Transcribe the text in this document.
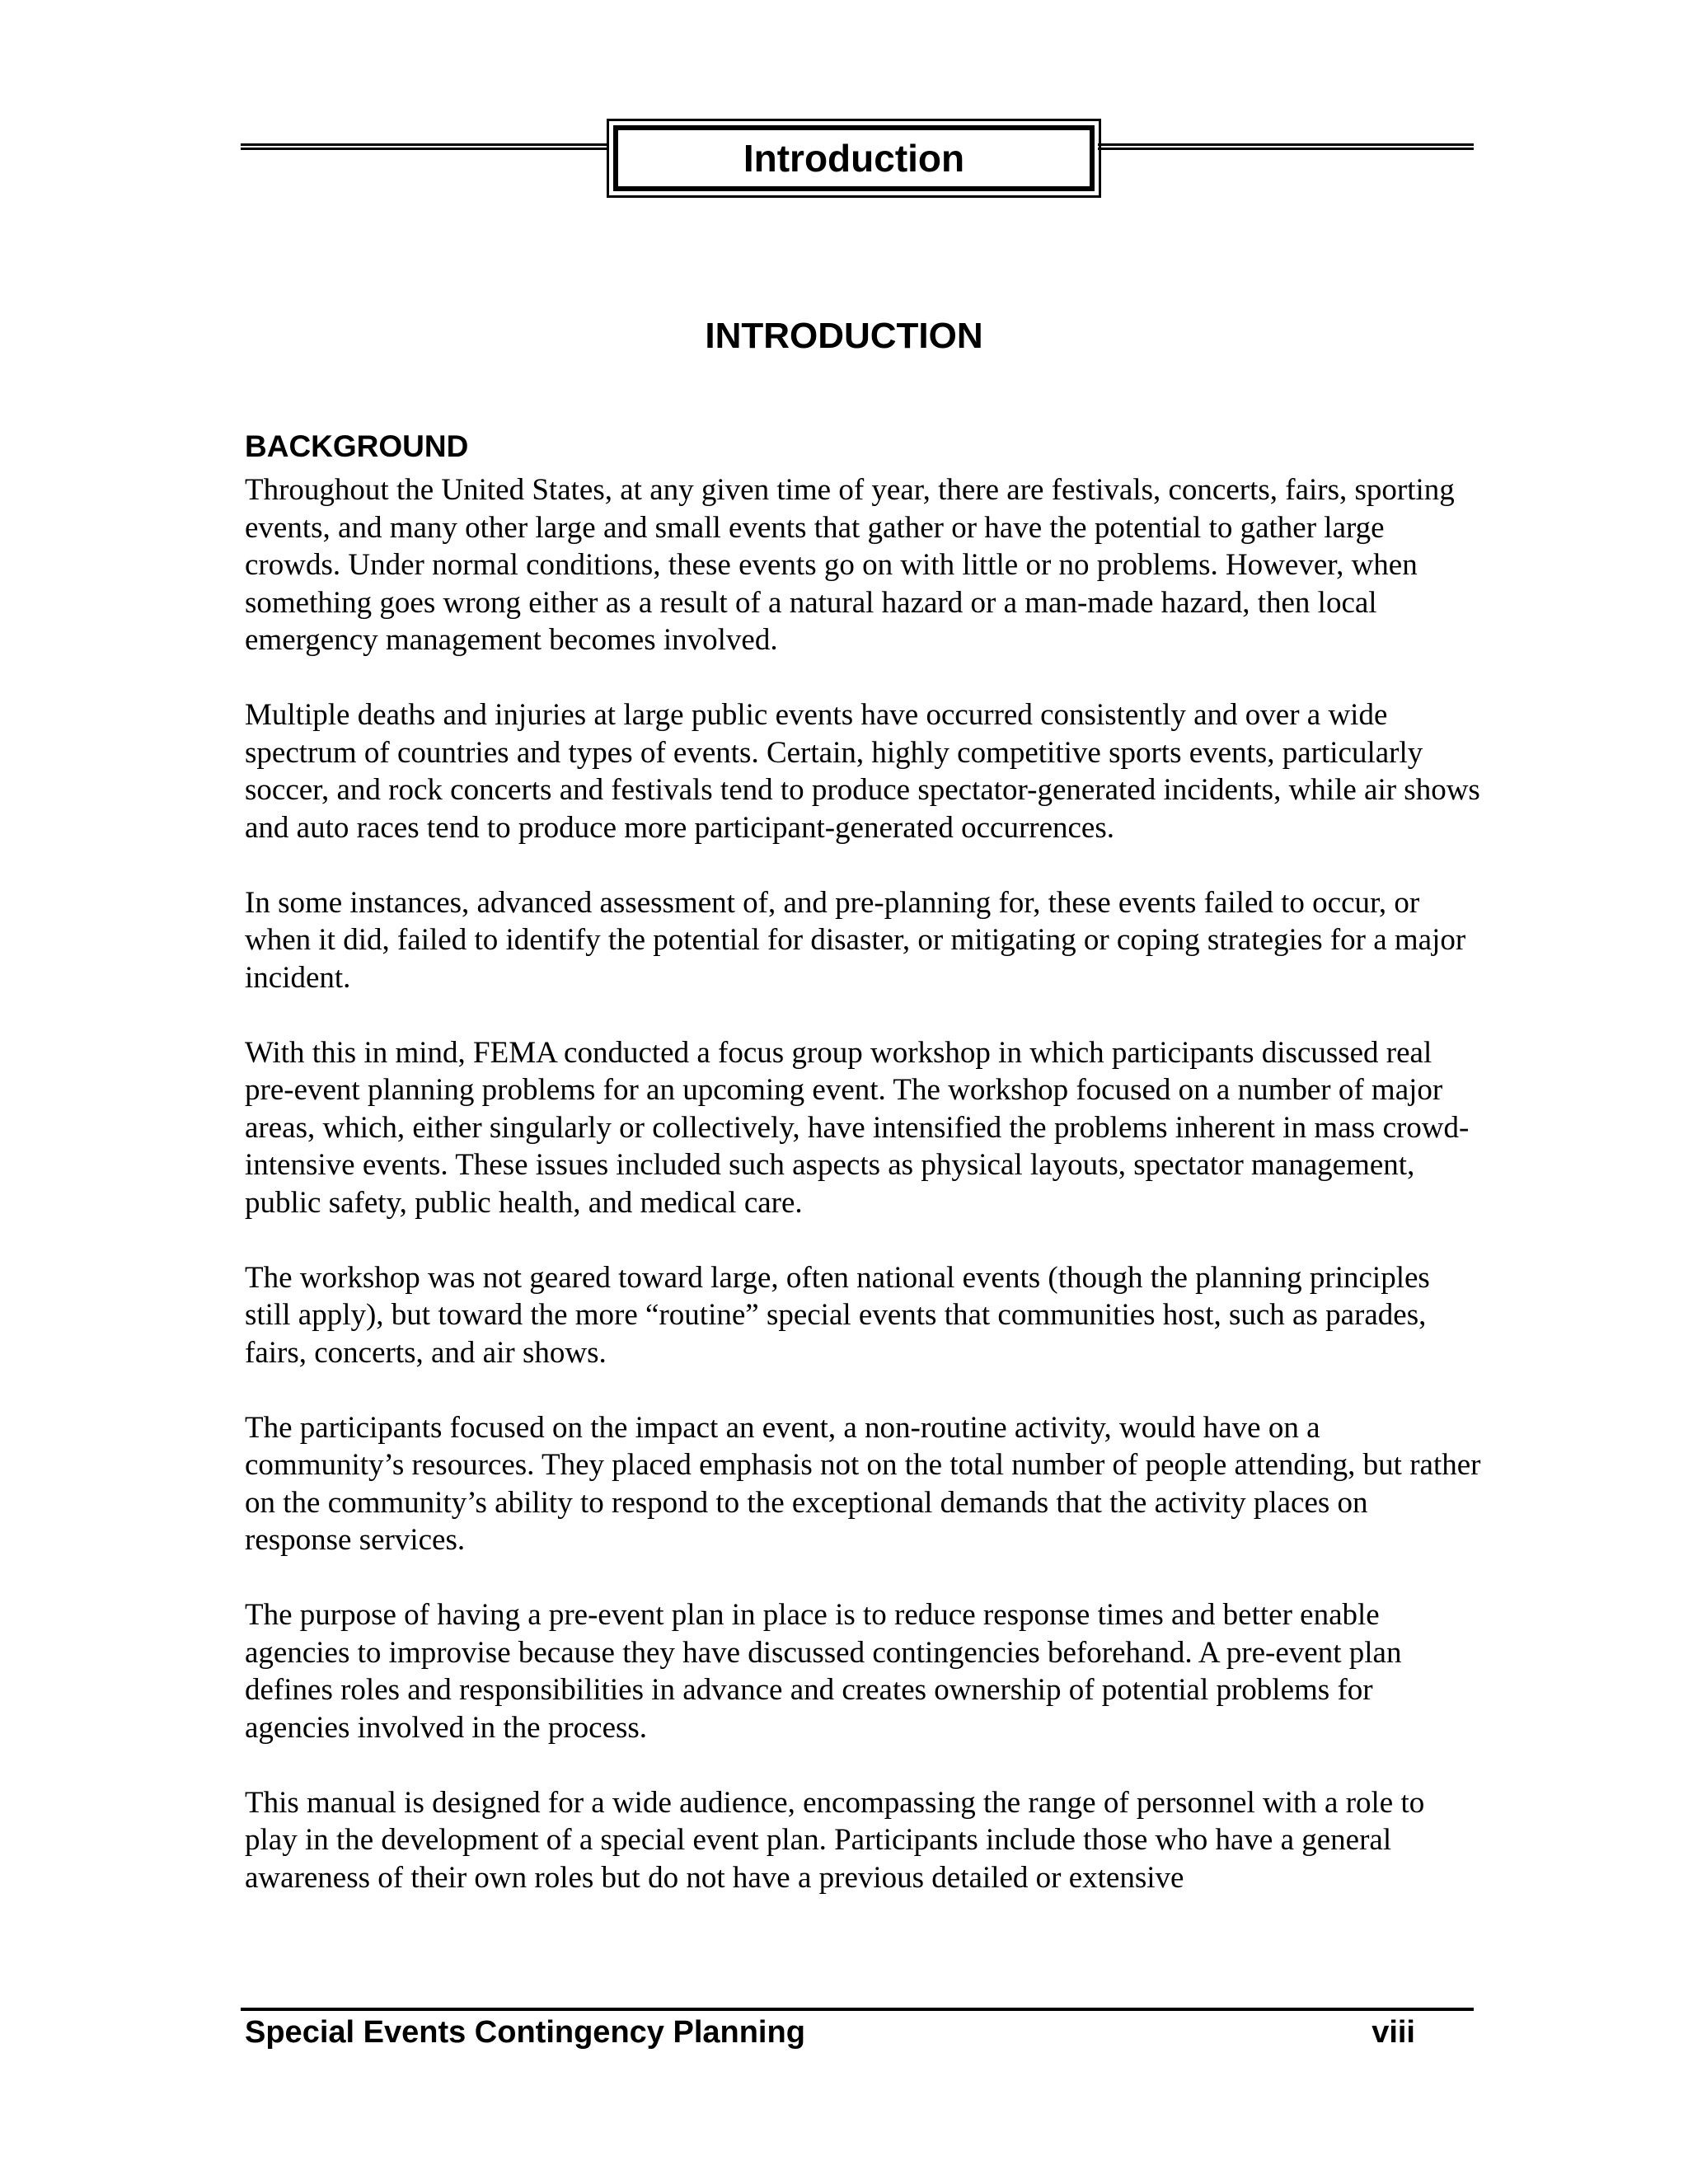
Introduction
INTRODUCTION
BACKGROUND

Throughout the United States, at any given time of year, there are festivals, concerts, fairs, sporting events, and many other large and small events that gather or have the potential to gather large crowds. Under normal conditions, these events go on with little or no problems. However, when something goes wrong either as a result of a natural hazard or a man-made hazard, then local emergency management becomes involved.

Multiple deaths and injuries at large public events have occurred consistently and over a wide spectrum of countries and types of events. Certain, highly competitive sports events, particularly soccer, and rock concerts and festivals tend to produce spectator-generated incidents, while air shows and auto races tend to produce more participant-generated occurrences.

In some instances, advanced assessment of, and pre-planning for, these events failed to occur, or when it did, failed to identify the potential for disaster, or mitigating or coping strategies for a major incident.

With this in mind, FEMA conducted a focus group workshop in which participants discussed real pre-event planning problems for an upcoming event. The workshop focused on a number of major areas, which, either singularly or collectively, have intensified the problems inherent in mass crowd-intensive events. These issues included such aspects as physical layouts, spectator management, public safety, public health, and medical care.

The workshop was not geared toward large, often national events (though the planning principles still apply), but toward the more “routine” special events that communities host, such as parades, fairs, concerts, and air shows.

The participants focused on the impact an event, a non-routine activity, would have on a community’s resources. They placed emphasis not on the total number of people attending, but rather on the community’s ability to respond to the exceptional demands that the activity places on response services.

The purpose of having a pre-event plan in place is to reduce response times and better enable agencies to improvise because they have discussed contingencies beforehand. A pre-event plan defines roles and responsibilities in advance and creates ownership of potential problems for agencies involved in the process.

This manual is designed for a wide audience, encompassing the range of personnel with a role to play in the development of a special event plan. Participants include those who have a general awareness of their own roles but do not have a previous detailed or extensive

Special Events Contingency Planning	viii
